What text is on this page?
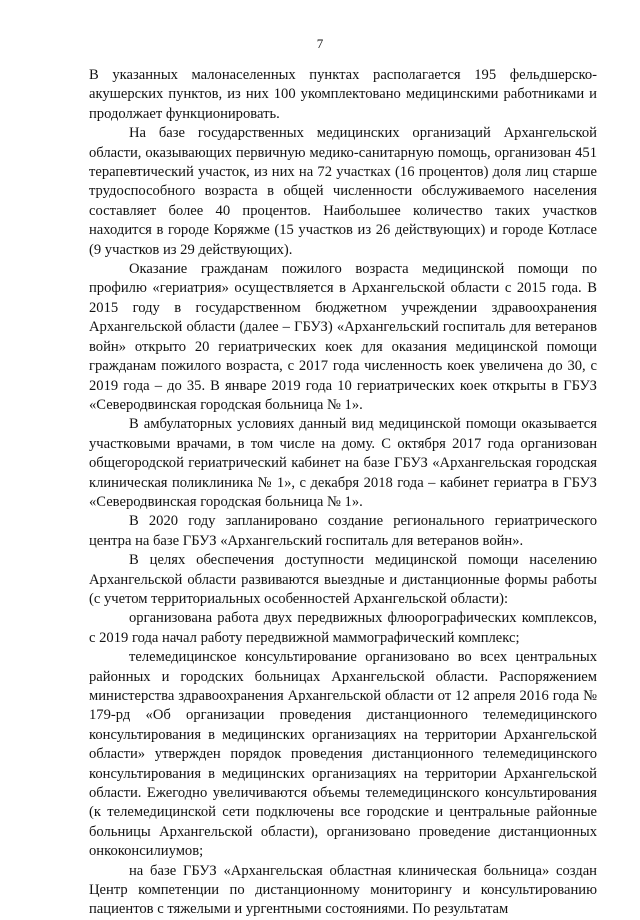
7

В указанных малонаселенных пунктах располагается 195 фельдшерско-акушерских пунктов, из них 100 укомплектовано медицинскими работниками и продолжает функционировать.

На базе государственных медицинских организаций Архангельской области, оказывающих первичную медико-санитарную помощь, организован 451 терапевтический участок, из них на 72 участках (16 процентов) доля лиц старше трудоспособного возраста в общей численности обслуживаемого населения составляет более 40 процентов. Наибольшее количество таких участков находится в городе Коряжме (15 участков из 26 действующих) и городе Котласе (9 участков из 29 действующих).

Оказание гражданам пожилого возраста медицинской помощи по профилю «гериатрия» осуществляется в Архангельской области с 2015 года. В 2015 году в государственном бюджетном учреждении здравоохранения Архангельской области (далее – ГБУЗ) «Архангельский госпиталь для ветеранов войн» открыто 20 гериатрических коек для оказания медицинской помощи гражданам пожилого возраста, с 2017 года численность коек увеличена до 30, с 2019 года – до 35. В январе 2019 года 10 гериатрических коек открыты в ГБУЗ «Северодвинская городская больница № 1».

В амбулаторных условиях данный вид медицинской помощи оказывается участковыми врачами, в том числе на дому. С октября 2017 года организован общегородской гериатрический кабинет на базе ГБУЗ «Архангельская городская клиническая поликлиника № 1», с декабря 2018 года – кабинет гериатра в ГБУЗ «Северодвинская городская больница № 1».

В 2020 году запланировано создание регионального гериатрического центра на базе ГБУЗ «Архангельский госпиталь для ветеранов войн».

В целях обеспечения доступности медицинской помощи населению Архангельской области развиваются выездные и дистанционные формы работы (с учетом территориальных особенностей Архангельской области):

организована работа двух передвижных флюорографических комплексов, с 2019 года начал работу передвижной маммографический комплекс;

телемедицинское консультирование организовано во всех центральных районных и городских больницах Архангельской области. Распоряжением министерства здравоохранения Архангельской области от 12 апреля 2016 года № 179-рд «Об организации проведения дистанционного телемедицинского консультирования в медицинских организациях на территории Архангельской области» утвержден порядок проведения дистанционного телемедицинского консультирования в медицинских организациях на территории Архангельской области. Ежегодно увеличиваются объемы телемедицинского консультирования (к телемедицинской сети подключены все городские и центральные районные больницы Архангельской области), организовано проведение дистанционных онкоконсилиумов;

на базе ГБУЗ «Архангельская областная клиническая больница» создан Центр компетенции по дистанционному мониторингу и консультированию пациентов с тяжелыми и ургентными состояниями. По результатам
